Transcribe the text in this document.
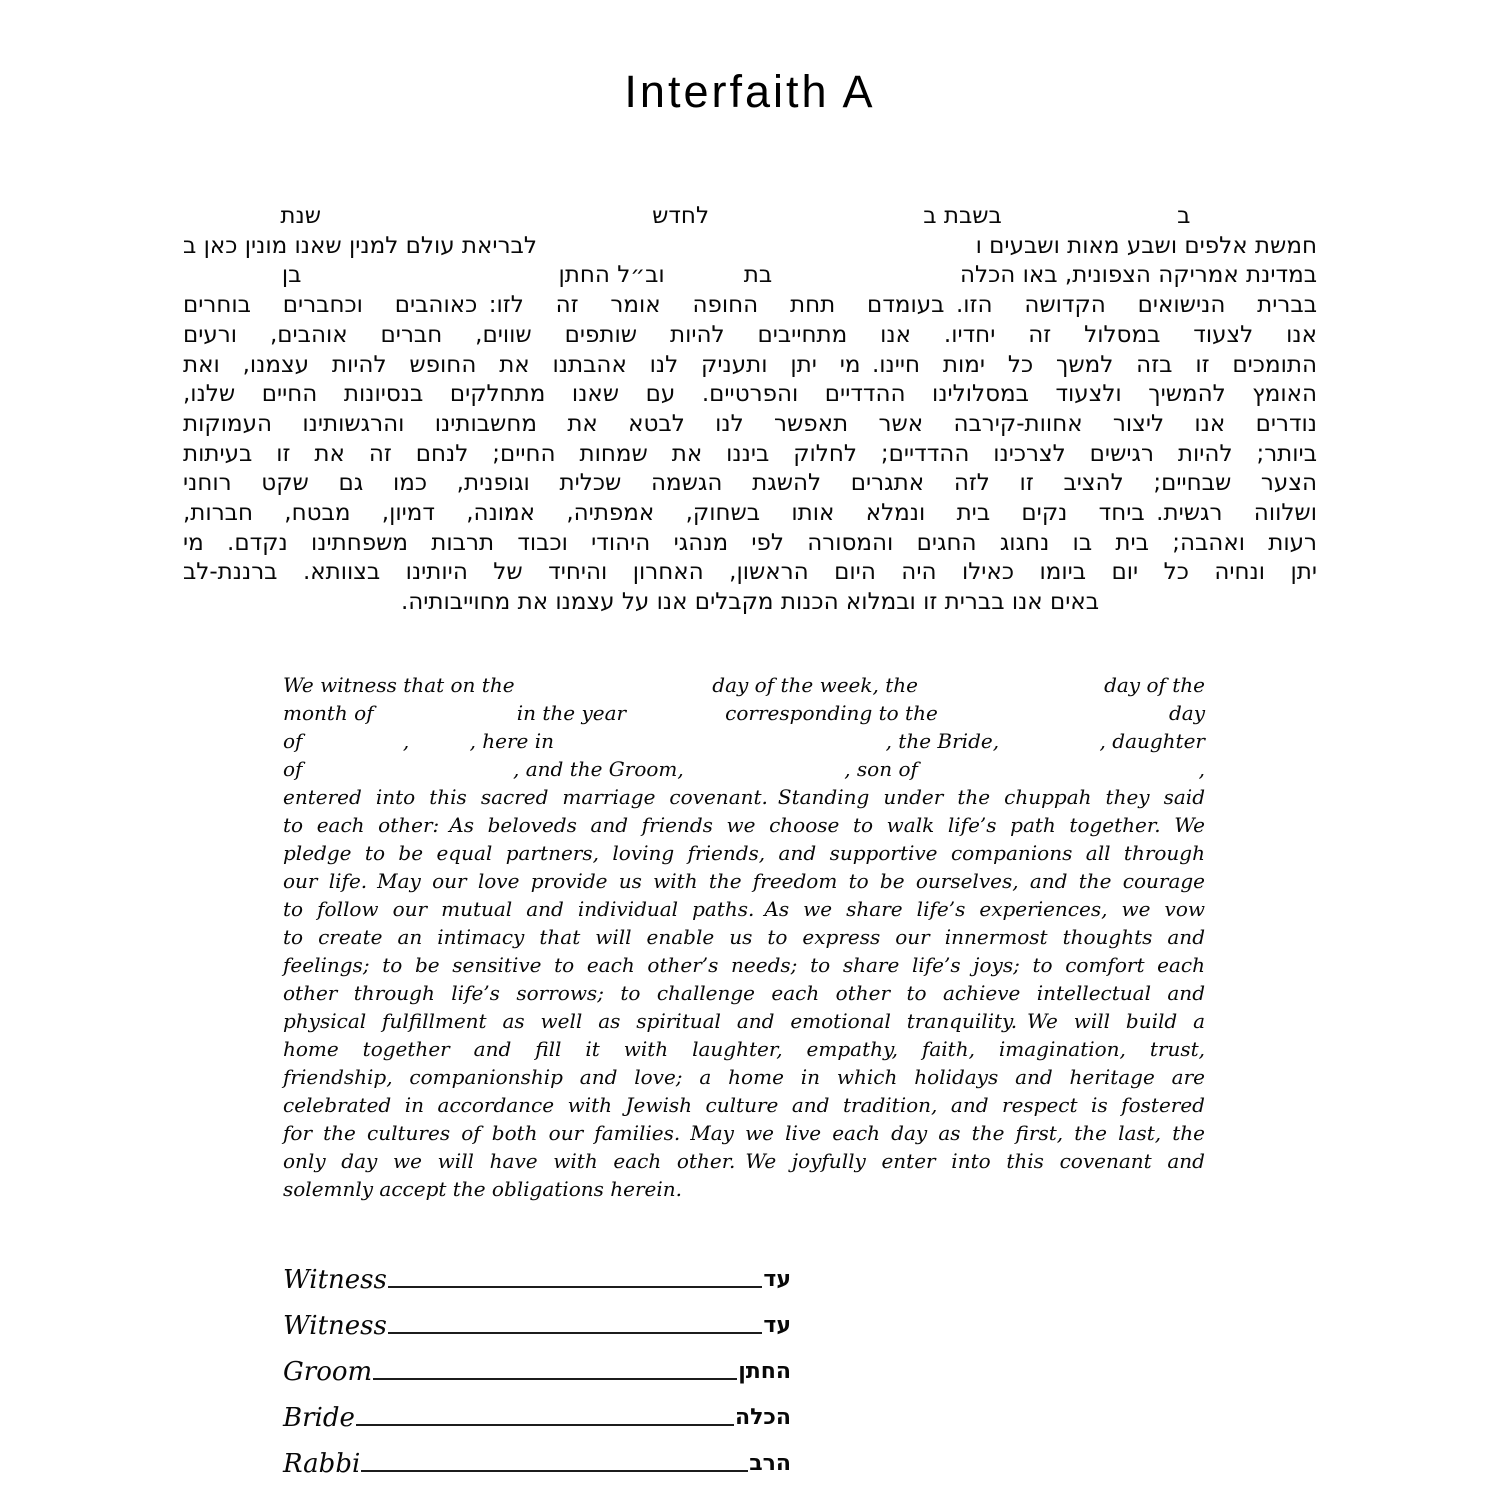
Interfaith A
ב
בשבת ב
לחדש
שנת
חמשת אלפים ושבע מאות ושבעים ו
לבריאת עולם למנין שאנו מונין כאן ב
במדינת אמריקה הצפונית, באו הכלה
בת
וב״ל החתן
בן
בברית הנישואים הקדושה הזו. בעומדם תחת החופה אומר זה לזו: כאוהבים וכחברים בוחרים
אנו לצעוד במסלול זה יחדיו. אנו מתחייבים להיות שותפים שווים, חברים אוהבים, ורעים
התומכים זו בזה למשך כל ימות חיינו. מי יתן ותעניק לנו אהבתנו את החופש להיות עצמנו, ואת
האומץ להמשיך ולצעוד במסלולינו ההדדיים והפרטיים. עם שאנו מתחלקים בנסיונות החיים שלנו,
נודרים אנו ליצור אחוות-קירבה אשר תאפשר לנו לבטא את מחשבותינו והרגשותינו העמוקות
ביותר; להיות רגישים לצרכינו ההדדיים; לחלוק ביננו את שמחות החיים; לנחם זה את זו בעיתות
הצער שבחיים; להציב זו לזה אתגרים להשגת הגשמה שכלית וגופנית, כמו גם שקט רוחני
ושלווה רגשית. ביחד נקים בית ונמלא אותו בשחוק, אמפתיה, אמונה, דמיון, מבטח, חברות,
רעות ואהבה; בית בו נחגוג החגים והמסורה לפי מנהגי היהודי וכבוד תרבות משפחתינו נקדם. מי
יתן ונחיה כל יום ביומו כאילו היה היום הראשון, האחרון והיחיד של היותינו בצוותא. ברננת-לב
באים אנו בברית זו ובמלוא הכנות מקבלים אנו על עצמנו את מחוייבותיה.
We witness that on the	day of the week, the	day of the
month of	in the year	corresponding to the	day
of	,	, here in	, the Bride,	, daughter
of	, and the Groom,	, son of	,
entered into this sacred marriage covenant. Standing under the chuppah they said
to each other: As beloveds and friends we choose to walk life’s path together. We
pledge to be equal partners, loving friends, and supportive companions all through
our life. May our love provide us with the freedom to be ourselves, and the courage
to follow our mutual and individual paths. As we share life’s experiences, we vow
to create an intimacy that will enable us to express our innermost thoughts and
feelings; to be sensitive to each other’s needs; to share life’s joys; to comfort each
other through life’s sorrows; to challenge each other to achieve intellectual and
physical fulfillment as well as spiritual and emotional tranquility. We will build a
home together and fill it with laughter, empathy, faith, imagination, trust,
friendship, companionship and love; a home in which holidays and heritage are
celebrated in accordance with Jewish culture and tradition, and respect is fostered
for the cultures of both our families. May we live each day as the first, the last, the
only day we will have with each other. We joyfully enter into this covenant and
solemnly accept the obligations herein.
Witness	עד
Witness	עד
Groom	החתן
Bride	הכלה
Rabbi	הרב
